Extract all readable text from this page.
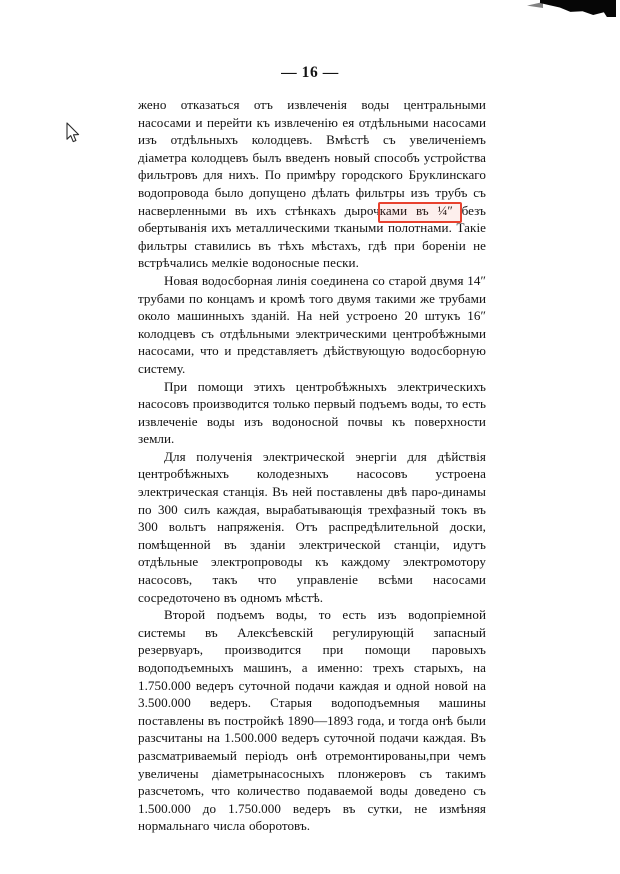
— 16 —

жено отказаться отъ извлеченія воды центральными насосами и перейти къ извлеченію ея отдѣльными насосами изъ отдѣльныхъ колодцевъ. Вмѣстѣ съ увеличеніемъ діаметра колодцевъ былъ введенъ новый способъ устройства фильтровъ для нихъ. По примѣру городского Бруклинскаго водопровода было допущено дѣлать фильтры изъ трубъ съ насверленными въ ихъ стѣнкахъ дырочками въ ¼″ безъ обертыванія ихъ металлическими ткаными полотнами. Такіе фильтры ставились въ тѣхъ мѣстахъ, гдѣ при бореніи не встрѣчались мелкіе водоносные пески.

Новая водосборная линія соединена со старой двумя 14″ трубами по концамъ и кромѣ того двумя такими же трубами около машинныхъ зданій. На ней устроено 20 штукъ 16″ колодцевъ съ отдѣльными электрическими центробѣжными насосами, что и представляетъ дѣйствующую водосборную систему.

При помощи этихъ центробѣжныхъ электрическихъ насосовъ производится только первый подъемъ воды, то есть извлеченіе воды изъ водоносной почвы къ поверхности земли.

Для полученія электрической энергіи для дѣйствія центробѣжныхъ колодезныхъ насосовъ устроена электрическая станція. Въ ней поставлены двѣ паро-динамы по 300 силъ каждая, вырабатывающія трехфазный токъ въ 300 вольтъ напряженія. Отъ распредѣлительной доски, помѣщенной въ зданіи электрической станціи, идутъ отдѣльные электропроводы къ каждому электромотору насосовъ, такъ что управленіе всѣми насосами сосредоточено въ одномъ мѣстѣ.

Второй подъемъ воды, то есть изъ водопріемной системы въ Алексѣевскій регулирующій запасный резервуаръ, производится при помощи паровыхъ водоподъемныхъ машинъ, а именно: трехъ старыхъ, на 1.750.000 ведеръ суточной подачи каждая и одной новой на 3.500.000 ведеръ. Старыя водоподъемныя машины поставлены въ постройкѣ 1890—1893 года, и тогда онѣ были разсчитаны на 1.500.000 ведеръ суточной подачи каждая. Въ разсматриваемый періодъ онѣ отремонтированы,при чемъ увеличены діаметрынасосныхъ плонжеровъ съ такимъ разсчетомъ, что количество подаваемой воды доведено съ 1.500.000 до 1.750.000 ведеръ въ сутки, не измѣняя нормальнаго числа оборотовъ.
